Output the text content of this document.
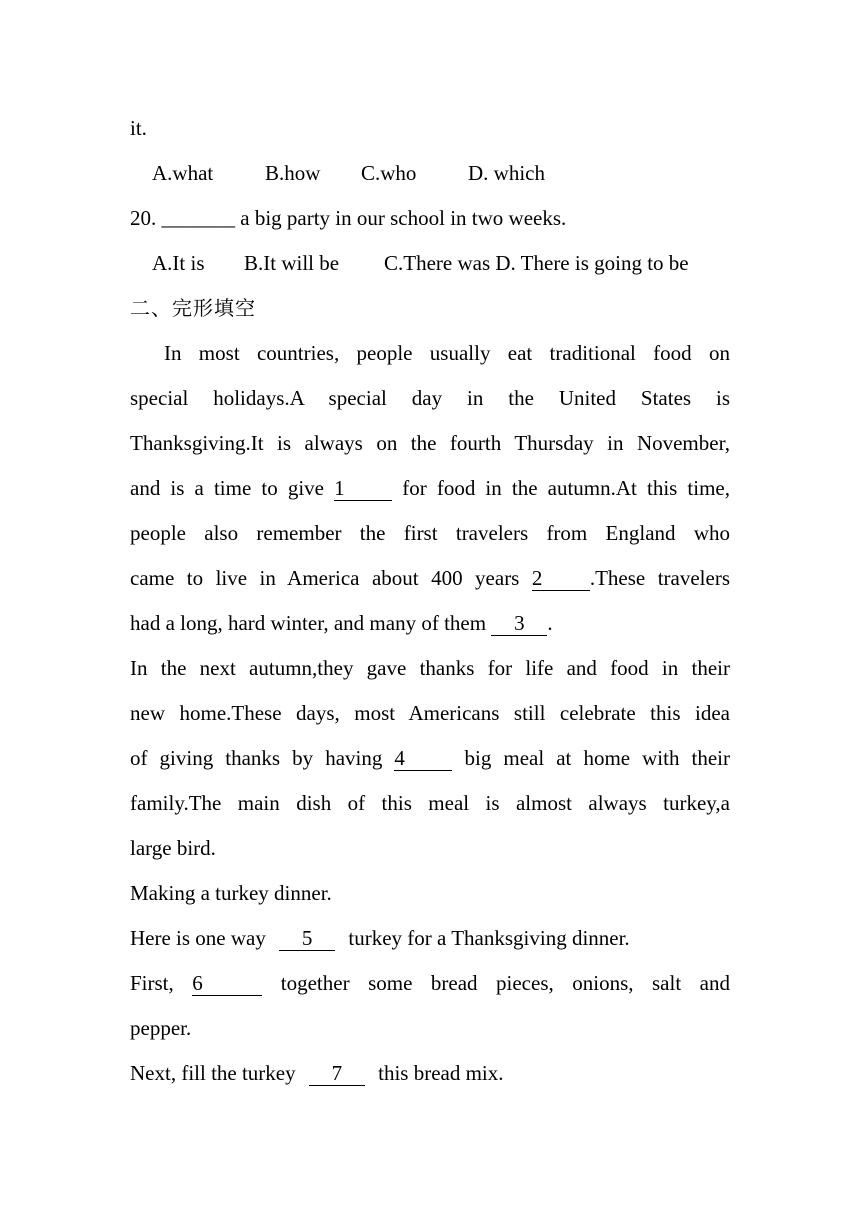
it.
A.what B.how C.who D. which
20. _______ a big party in our school in two weeks.
A.It is B.It will be C.There was D. There is going to be
二、完形填空
In most countries, people usually eat traditional food on
special holidays.A special day in the United States is
Thanksgiving.It is always on the fourth Thursday in November,
and is a time to give 1	for food in the autumn.At this time,
people also remember the first travelers from England who
came to live in America about 400 years 2 .These travelers
had a long, hard winter, and many of them 3 .
In the next autumn,they gave thanks for life and food in their
new home.These days, most Americans still celebrate this idea
of giving thanks by having 4	big meal at home with their
family.The main dish of this meal is almost always turkey,a
large bird.
Making a turkey dinner.
Here is one way 5 turkey for a Thanksgiving dinner.
First, 6	together some bread pieces, onions, salt and
pepper.
Next, fill the turkey 7 this bread mix.
